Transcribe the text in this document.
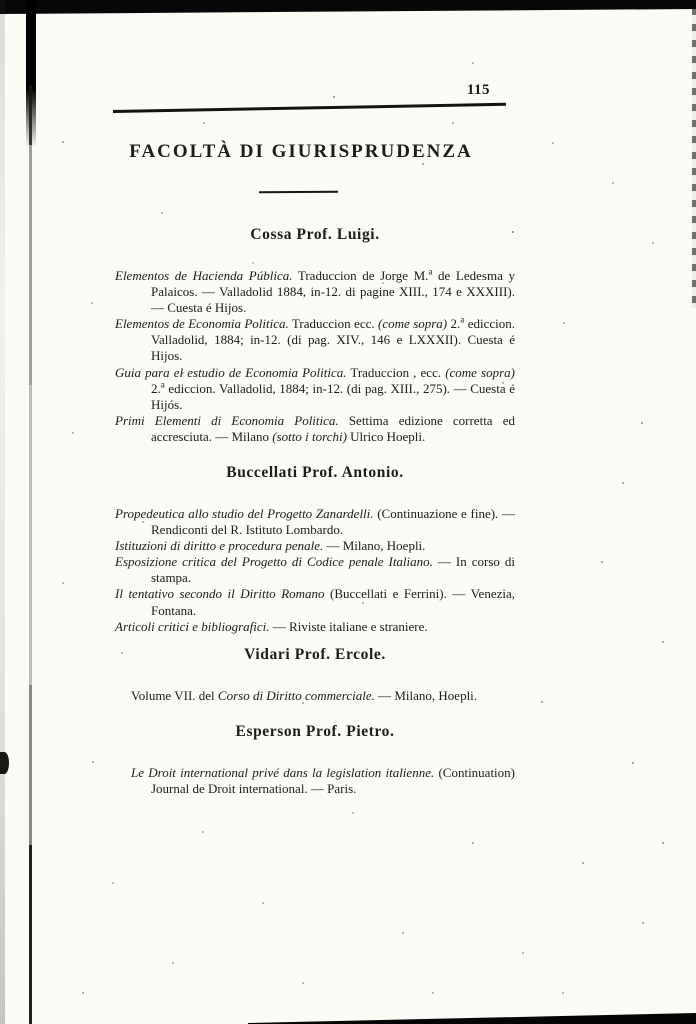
115
FACOLTÀ DI GIURISPRUDENZA
Cossa Prof. Luigi.

Elementos de Hacienda Pública. Traduccion de Jorge M.$^a$ de Ledesma y Palaicos. — Valladolid 1884, in-12. di pagine XIII., 174 e XXXIII). — Cuesta é Hijos.

Elementos de Economia Politica. Traduccion ecc. (come sopra) 2.$^a$ ediccion. Valladolid, 1884; in-12. (di pag. XIV., 146 e LXXXII). Cuesta é Hijos.

Guia para el estudio de Economia Politica. Traduccion , ecc. (come sopra) 2.$^a$ ediccion. Valladolid, 1884; in-12. (di pag. XIII., 275). — Cuesta é Hijós.

Primi Elementi di Economia Politica. Settima edizione corretta ed accresciuta. — Milano (sotto i torchi) Ulrico Hoepli.

Buccellati Prof. Antonio.

Propedeutica allo studio del Progetto Zanardelli. (Continuazione e fine). — Rendiconti del R. Istituto Lombardo.

Istituzioni di diritto e procedura penale. — Milano, Hoepli.

Esposizione critica del Progetto di Codice penale Italiano. — In corso di stampa.

Il tentativo secondo il Diritto Romano (Buccellati e Ferrini). — Venezia, Fontana.

Articoli critici e bibliografici. — Riviste italiane e straniere.

Vidari Prof. Ercole.

Volume VII. del Corso di Diritto commerciale. — Milano, Hoepli.

Esperson Prof. Pietro.

Le Droit international privé dans la legislation italienne. (Continuation) Journal de Droit international. — Paris.
